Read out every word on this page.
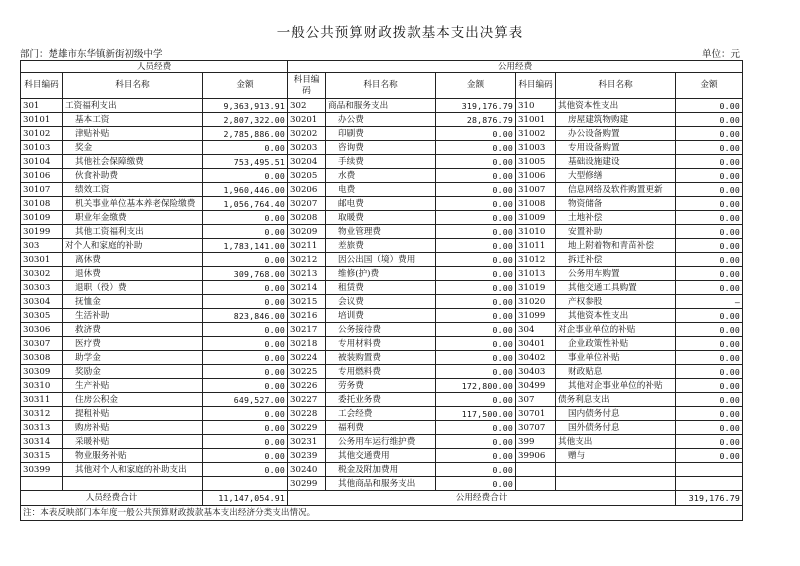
一般公共预算财政拨款基本支出决算表
部门：楚雄市东华镇新街初级中学	单位：元
人员经费			公用经费					
科目编码	科目名称	金额	科目编码	科目名称	金额	科目编码	科目名称	金额
301	工资福利支出	9,363,913.91	302	商品和服务支出	319,176.79	310	其他资本性支出	0.00
30101	基本工资	2,807,322.00	30201	办公费	28,876.79	31001	房屋建筑物购建	0.00
30102	津贴补贴	2,785,886.00	30202	印刷费	0.00	31002	办公设备购置	0.00
30103	奖金	0.00	30203	咨询费	0.00	31003	专用设备购置	0.00
30104	其他社会保障缴费	753,495.51	30204	手续费	0.00	31005	基础设施建设	0.00
30106	伙食补助费	0.00	30205	水费	0.00	31006	大型修缮	0.00
30107	绩效工资	1,960,446.00	30206	电费	0.00	31007	信息网络及软件购置更新	0.00
30108	机关事业单位基本养老保险缴费	1,056,764.40	30207	邮电费	0.00	31008	物资储备	0.00
30109	职业年金缴费	0.00	30208	取暖费	0.00	31009	土地补偿	0.00
30199	其他工资福利支出	0.00	30209	物业管理费	0.00	31010	安置补助	0.00
303	对个人和家庭的补助	1,783,141.00	30211	差旅费	0.00	31011	地上附着物和青苗补偿	0.00
30301	离休费	0.00	30212	因公出国（境）费用	0.00	31012	拆迁补偿	0.00
30302	退休费	309,768.00	30213	维修(护)费	0.00	31013	公务用车购置	0.00
30303	退职（役）费	0.00	30214	租赁费	0.00	31019	其他交通工具购置	0.00
30304	抚恤金	0.00	30215	会议费	0.00	31020	产权参股	—
30305	生活补助	823,846.00	30216	培训费	0.00	31099	其他资本性支出	0.00
30306	救济费	0.00	30217	公务接待费	0.00	304	对企事业单位的补贴	0.00
30307	医疗费	0.00	30218	专用材料费	0.00	30401	企业政策性补贴	0.00
30308	助学金	0.00	30224	被装购置费	0.00	30402	事业单位补贴	0.00
30309	奖励金	0.00	30225	专用燃料费	0.00	30403	财政贴息	0.00
30310	生产补贴	0.00	30226	劳务费	172,800.00	30499	其他对企事业单位的补贴	0.00
30311	住房公积金	649,527.00	30227	委托业务费	0.00	307	债务利息支出	0.00
30312	提租补贴	0.00	30228	工会经费	117,500.00	30701	国内债务付息	0.00
30313	购房补贴	0.00	30229	福利费	0.00	30707	国外债务付息	0.00
30314	采暖补贴	0.00	30231	公务用车运行维护费	0.00	399	其他支出	0.00
30315	物业服务补贴	0.00	30239	其他交通费用	0.00	39906	赠与	0.00
30399	其他对个人和家庭的补助支出	0.00	30240	税金及附加费用	0.00			
			30299	其他商品和服务支出	0.00			
人员经费合计		11,147,054.91	公用经费合计					319,176.79
注：本表反映部门本年度一般公共预算财政拨款基本支出经济分类支出情况。								
